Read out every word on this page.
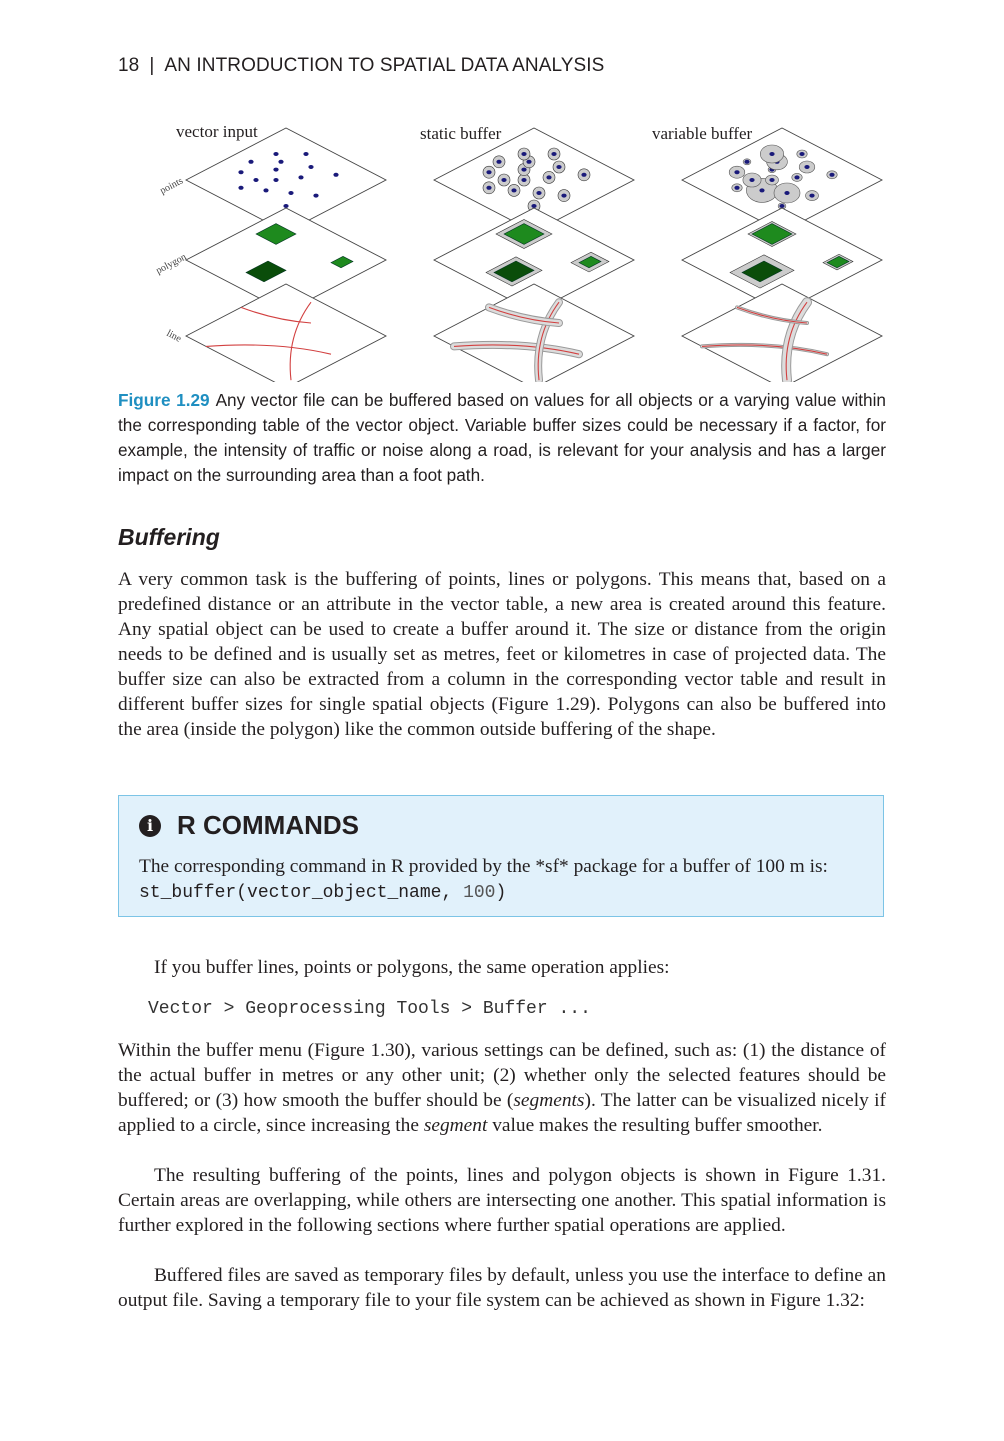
18 | AN INTRODUCTION TO SPATIAL DATA ANALYSIS
vector input	static buffer	variable buffer
points
polygon
line
Figure 1.29 Any vector file can be buffered based on values for all objects or a varying value within the corresponding table of the vector object. Variable buffer sizes could be necessary if a factor, for example, the intensity of traffic or noise along a road, is relevant for your analysis and has a larger impact on the surrounding area than a foot path.
Buffering
A very common task is the buffering of points, lines or polygons. This means that, based on a predefined distance or an attribute in the vector table, a new area is created around this feature. Any spatial object can be used to create a buffer around it. The size or distance from the origin needs to be defined and is usually set as metres, feet or kilometres in case of projected data. The buffer size can also be extracted from a column in the corresponding vector table and result in different buffer sizes for single spatial objects (Figure 1.29). Polygons can also be buffered into the area (inside the polygon) like the common outside buffering of the shape.
i R COMMANDS
The corresponding command in R provided by the *sf* package for a buffer of 100 m is: st_buffer(vector_object_name, 100)
If you buffer lines, points or polygons, the same operation applies:
Vector > Geoprocessing Tools > Buffer ...
Within the buffer menu (Figure 1.30), various settings can be defined, such as: (1) the distance of the actual buffer in metres or any other unit; (2) whether only the selected features should be buffered; or (3) how smooth the buffer should be (segments). The latter can be visualized nicely if applied to a circle, since increasing the segment value makes the resulting buffer smoother.
The resulting buffering of the points, lines and polygon objects is shown in Figure 1.31. Certain areas are overlapping, while others are intersecting one another. This spatial information is further explored in the following sections where further spatial operations are applied.
Buffered files are saved as temporary files by default, unless you use the interface to define an output file. Saving a temporary file to your file system can be achieved as shown in Figure 1.32:
